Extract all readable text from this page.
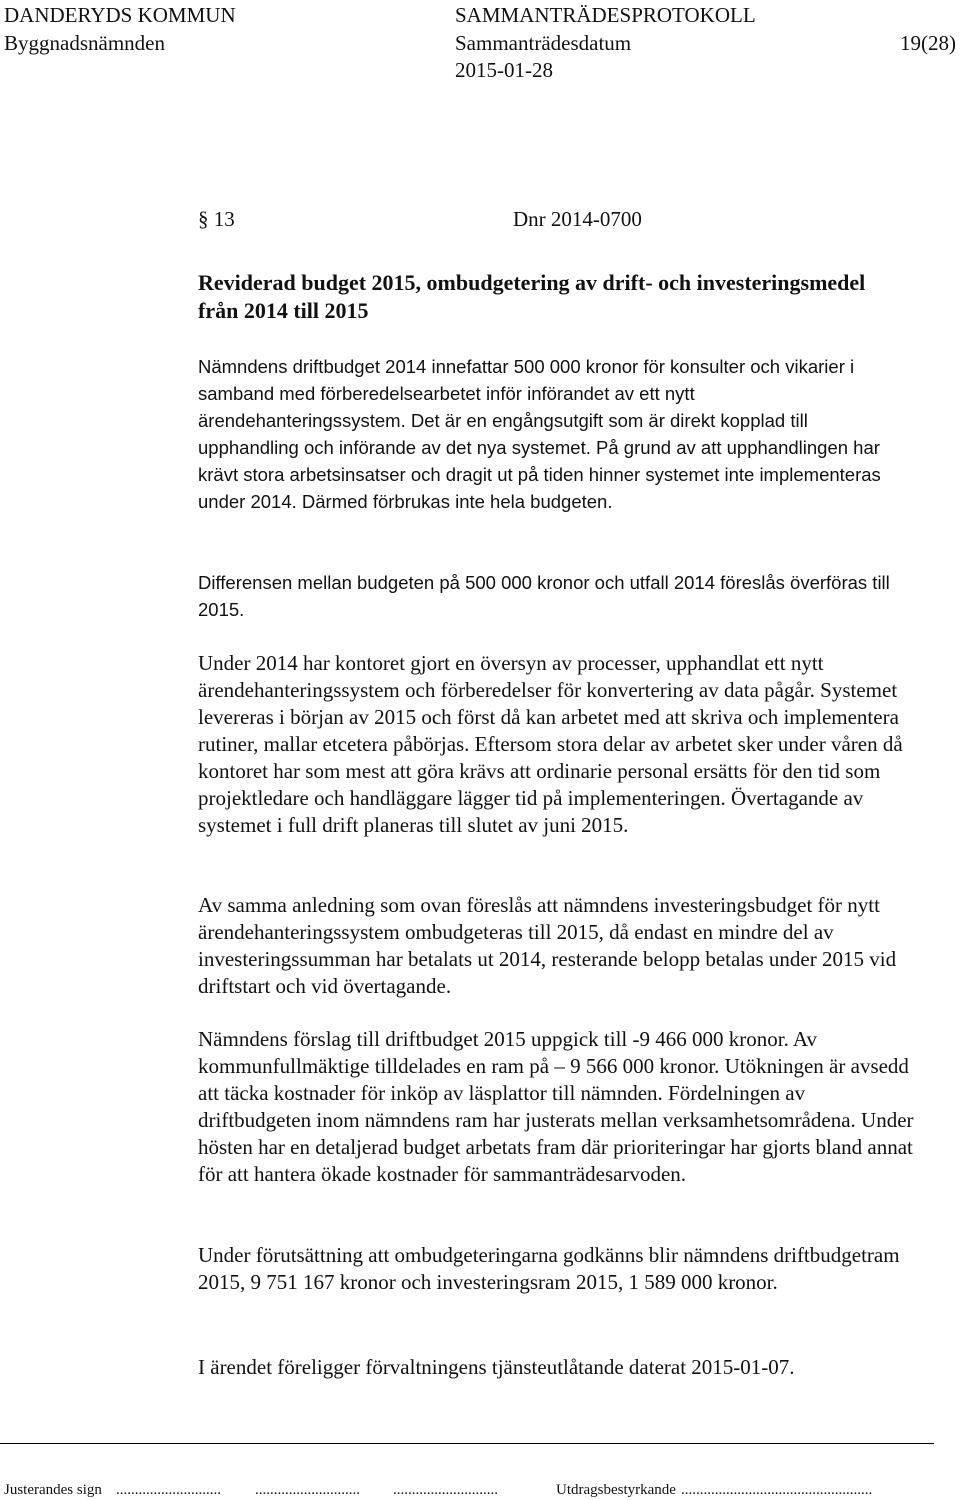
DANDERYDS KOMMUN
Byggnadsnämnden
SAMMANTRÄDESPROTOKOLL
Sammanträdesdatum
2015-01-28
19(28)
§ 13	Dnr 2014-0700
Reviderad budget 2015, ombudgetering av drift- och investeringsmedel från 2014 till 2015

Nämndens driftbudget 2014 innefattar 500 000 kronor för konsulter och vikarier i samband med förberedelsearbetet inför införandet av ett nytt ärendehanteringssystem. Det är en engångsutgift som är direkt kopplad till upphandling och införande av det nya systemet. På grund av att upphandlingen har krävt stora arbetsinsatser och dragit ut på tiden hinner systemet inte implementeras under 2014. Därmed förbrukas inte hela budgeten.

Differensen mellan budgeten på 500 000 kronor och utfall 2014 föreslås överföras till 2015.

Under 2014 har kontoret gjort en översyn av processer, upphandlat ett nytt ärendehanteringssystem och förberedelser för konvertering av data pågår. Systemet levereras i början av 2015 och först då kan arbetet med att skriva och implementera rutiner, mallar etcetera påbörjas. Eftersom stora delar av arbetet sker under våren då kontoret har som mest att göra krävs att ordinarie personal ersätts för den tid som projektledare och handläggare lägger tid på implementeringen. Övertagande av systemet i full drift planeras till slutet av juni 2015.

Av samma anledning som ovan föreslås att nämndens investeringsbudget för nytt ärendehanteringssystem ombudgeteras till 2015, då endast en mindre del av investeringssumman har betalats ut 2014, resterande belopp betalas under 2015 vid driftstart och vid övertagande.

Nämndens förslag till driftbudget 2015 uppgick till -9 466 000 kronor. Av kommunfullmäktige tilldelades en ram på – 9 566 000 kronor. Utökningen är avsedd att täcka kostnader för inköp av läsplattor till nämnden. Fördelningen av driftbudgeten inom nämndens ram har justerats mellan verksamhetsområdena. Under hösten har en detaljerad budget arbetats fram där prioriteringar har gjorts bland annat för att hantera ökade kostnader för sammanträdesarvoden.

Under förutsättning att ombudgeteringarna godkänns blir nämndens driftbudgetram 2015, 9 751 167 kronor och investeringsram 2015, 1 589 000 kronor.

I ärendet föreligger förvaltningens tjänsteutlåtande daterat 2015-01-07.

Justerandes sign ............................ ............................ ............................	Utdragsbestyrkande ...................................................
